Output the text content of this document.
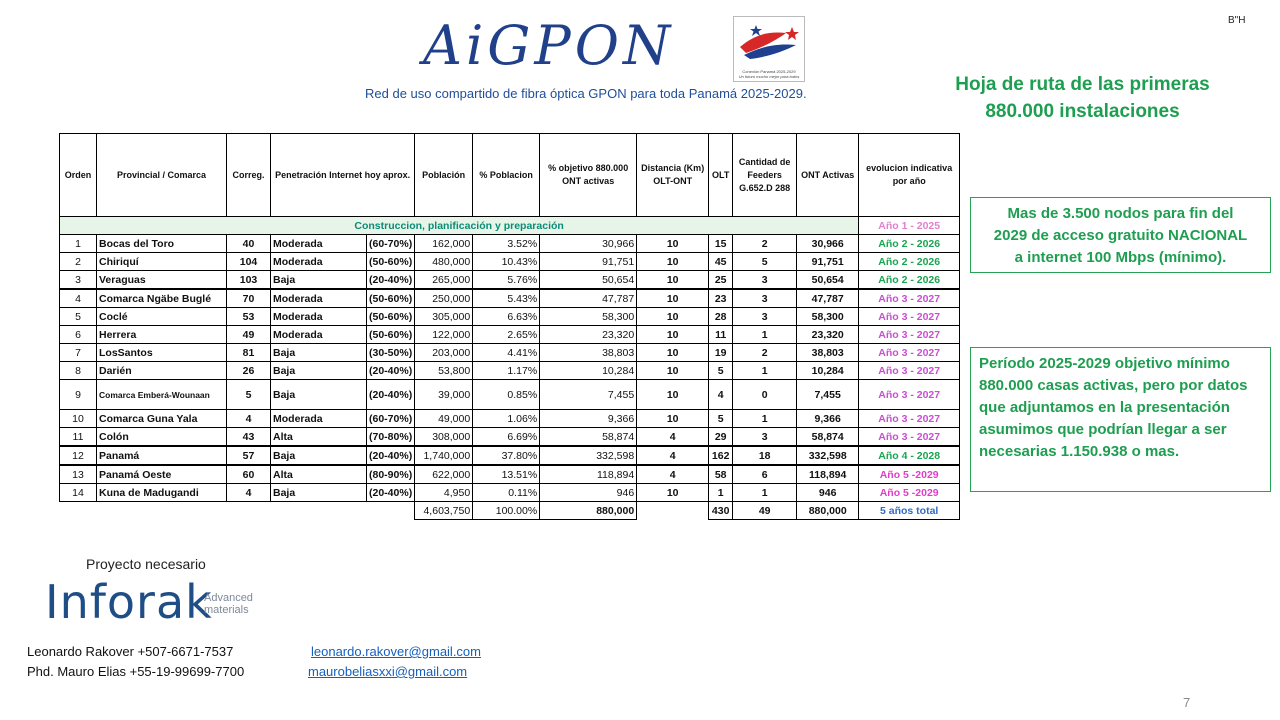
AiGPON	Conexión Panamá 2025-2029
Un futuro mucho mejor para todos
Red de uso compartido de fibra óptica GPON para toda Panamá 2025-2029.
B"H
Hoja de ruta de las primeras
880.000 instalaciones
Mas de 3.500 nodos para fin del
2029 de acceso gratuito NACIONAL
a internet 100 Mbps (mínimo).
Período 2025-2029 objetivo mínimo 880.000 casas activas, pero por datos que adjuntamos en la presentación asumimos que podrían llegar a ser necesarias 1.150.938 o mas.
Orden	Provincial / Comarca	Correg.	Penetración Internet hoy aprox.		Población	% Poblacion	% objetivo 880.000 ONT activas	Distancia (Km) OLT-ONT	OLT	Cantidad de Feeders G.652.D 288	ONT Activas	evolucion indicativa por año
Construccion, planificación y preparación												Año 1 - 2025
1	Bocas del Toro	40	Moderada	(60-70%)	162,000	3.52%	30,966	10	15	2	30,966	Año 2 - 2026
2	Chiriquí	104	Moderada	(50-60%)	480,000	10.43%	91,751	10	45	5	91,751	Año 2 - 2026
3	Veraguas	103	Baja	(20-40%)	265,000	5.76%	50,654	10	25	3	50,654	Año 2 - 2026
4	Comarca Ngäbe Buglé	70	Moderada	(50-60%)	250,000	5.43%	47,787	10	23	3	47,787	Año 3 - 2027
5	Coclé	53	Moderada	(50-60%)	305,000	6.63%	58,300	10	28	3	58,300	Año 3 - 2027
6	Herrera	49	Moderada	(50-60%)	122,000	2.65%	23,320	10	11	1	23,320	Año 3 - 2027
7	LosSantos	81	Baja	(30-50%)	203,000	4.41%	38,803	10	19	2	38,803	Año 3 - 2027
8	Darién	26	Baja	(20-40%)	53,800	1.17%	10,284	10	5	1	10,284	Año 3 - 2027
9	Comarca Emberá-Wounaan	5	Baja	(20-40%)	39,000	0.85%	7,455	10	4	0	7,455	Año 3 - 2027
10	Comarca Guna Yala	4	Moderada	(60-70%)	49,000	1.06%	9,366	10	5	1	9,366	Año 3 - 2027
11	Colón	43	Alta	(70-80%)	308,000	6.69%	58,874	4	29	3	58,874	Año 3 - 2027
12	Panamá	57	Baja	(20-40%)	1,740,000	37.80%	332,598	4	162	18	332,598	Año 4 - 2028
13	Panamá Oeste	60	Alta	(80-90%)	622,000	13.51%	118,894	4	58	6	118,894	Año 5 -2029
14	Kuna de Madugandi	4	Baja	(20-40%)	4,950	0.11%	946	10	1	1	946	Año 5 -2029
					4,603,750	100.00%	880,000		430	49	880,000	5 años total
Proyecto necesario
Inforak
Advanced
materials
Leonardo Rakover +507-6671-7537	leonardo.rakover@gmail.com
Phd. Mauro Elias +55-19-99699-7700	maurobeliasxxi@gmail.com
7
